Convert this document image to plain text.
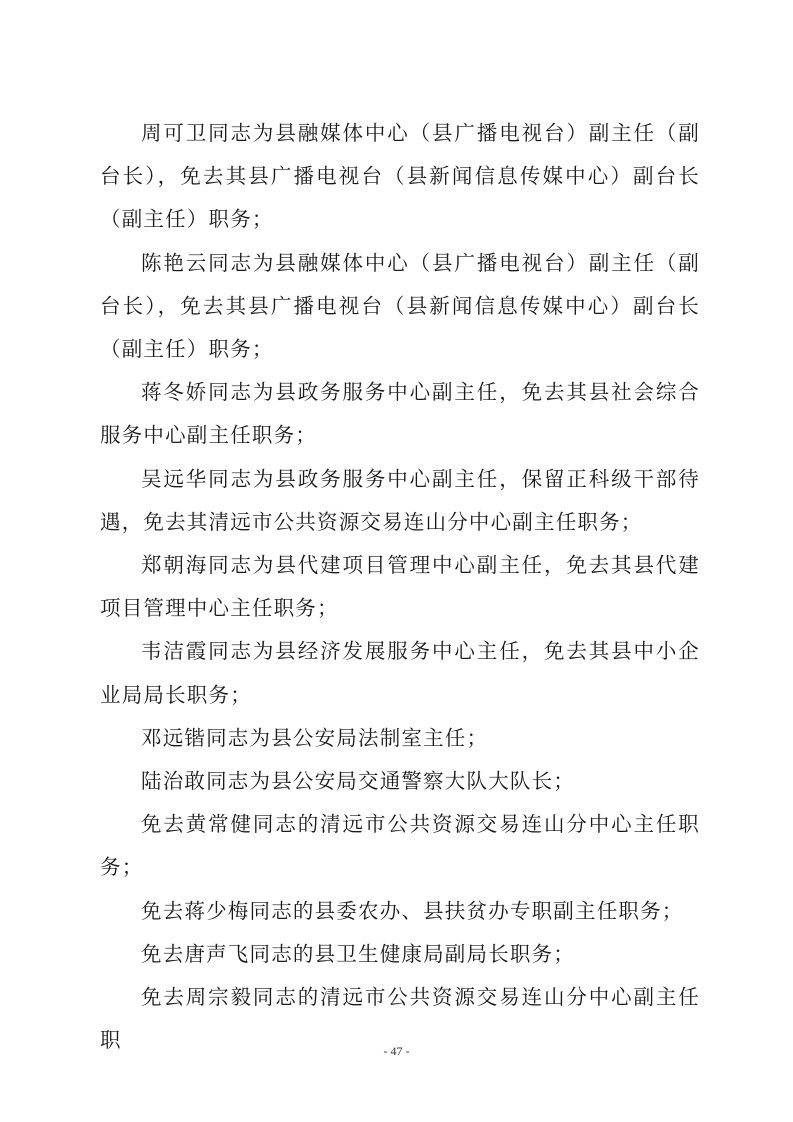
周可卫同志为县融媒体中心（县广播电视台）副主任（副台长），免去其县广播电视台（县新闻信息传媒中心）副台长（副主任）职务；

陈艳云同志为县融媒体中心（县广播电视台）副主任（副台长），免去其县广播电视台（县新闻信息传媒中心）副台长（副主任）职务；

蒋冬娇同志为县政务服务中心副主任，免去其县社会综合服务中心副主任职务；

吴远华同志为县政务服务中心副主任，保留正科级干部待遇，免去其清远市公共资源交易连山分中心副主任职务；

郑朝海同志为县代建项目管理中心副主任，免去其县代建项目管理中心主任职务；

韦洁霞同志为县经济发展服务中心主任，免去其县中小企业局局长职务；

邓远锴同志为县公安局法制室主任；

陆治敢同志为县公安局交通警察大队大队长；

免去黄常健同志的清远市公共资源交易连山分中心主任职务；

免去蒋少梅同志的县委农办、县扶贫办专职副主任职务；

免去唐声飞同志的县卫生健康局副局长职务；

免去周宗毅同志的清远市公共资源交易连山分中心副主任职	- 47 -
